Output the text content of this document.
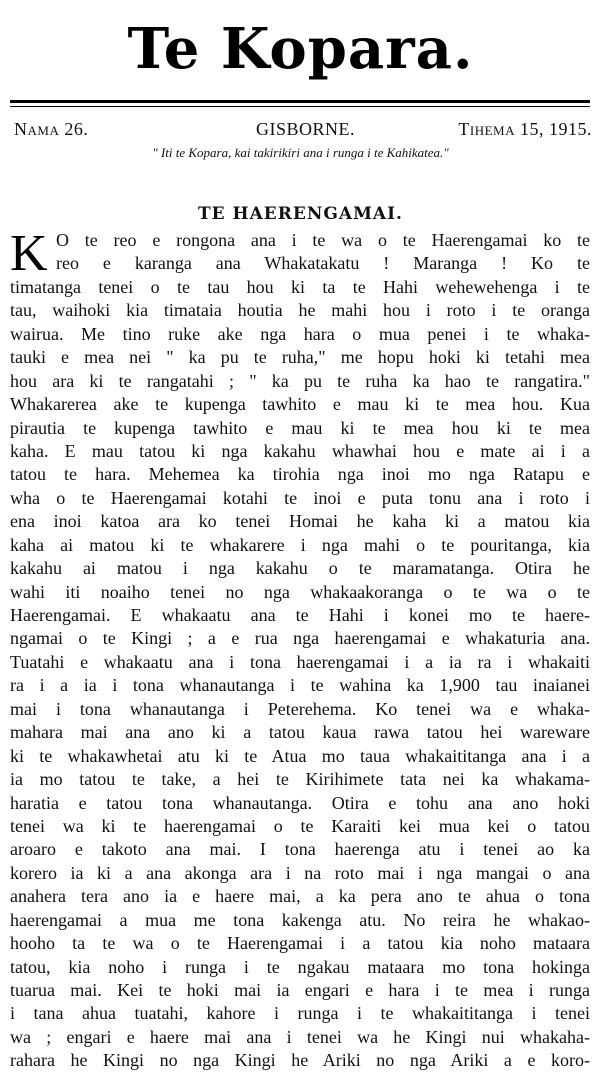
Te Kopara.
Nama 26.	GISBORNE.	Tihema 15, 1915.
" Iti te Kopara, kai takirikiri ana i runga i te Kahikatea."
TE HAERENGAMAI.
K O te reo e rongona ana i te wa o te Haerengamai ko te
reo e karanga ana Whakatakatu ! Maranga ! Ko te
timatanga tenei o te tau hou ki ta te Hahi wehewehenga i te
tau, waihoki kia timataia houtia he mahi hou i roto i te oranga
wairua. Me tino ruke ake nga hara o mua penei i te whaka-
tauki e mea nei " ka pu te ruha," me hopu hoki ki tetahi mea
hou ara ki te rangatahi ; " ka pu te ruha ka hao te rangatira."
Whakarerea ake te kupenga tawhito e mau ki te mea hou. Kua
pirautia te kupenga tawhito e mau ki te mea hou ki te mea
kaha. E mau tatou ki nga kakahu whawhai hou e mate ai i a
tatou te hara. Mehemea ka tirohia nga inoi mo nga Ratapu e
wha o te Haerengamai kotahi te inoi e puta tonu ana i roto i
ena inoi katoa ara ko tenei Homai he kaha ki a matou kia
kaha ai matou ki te whakarere i nga mahi o te pouritanga, kia
kakahu ai matou i nga kakahu o te maramatanga. Otira he
wahi iti noaiho tenei no nga whakaakoranga o te wa o te
Haerengamai. E whakaatu ana te Hahi i konei mo te haere-
ngamai o te Kingi ; a e rua nga haerengamai e whakaturia ana.
Tuatahi e whakaatu ana i tona haerengamai i a ia ra i whakaiti
ra i a ia i tona whanautanga i te wahina ka 1,900 tau inaianei
mai i tona whanautanga i Peterehema. Ko tenei wa e whaka-
mahara mai ana ano ki a tatou kaua rawa tatou hei wareware
ki te whakawhetai atu ki te Atua mo taua whakaititanga ana i a
ia mo tatou te take, a hei te Kirihimete tata nei ka whakama-
haratia e tatou tona whanautanga. Otira e tohu ana ano hoki
tenei wa ki te haerengamai o te Karaiti kei mua kei o tatou
aroaro e takoto ana mai. I tona haerenga atu i tenei ao ka
korero ia ki a ana akonga ara i na roto mai i nga mangai o ana
anahera tera ano ia e haere mai, a ka pera ano te ahua o tona
haerengamai a mua me tona kakenga atu. No reira he whakao-
hooho ta te wa o te Haerengamai i a tatou kia noho mataara
tatou, kia noho i runga i te ngakau mataara mo tona hokinga
tuarua mai. Kei te hoki mai ia engari e hara i te mea i runga
i tana ahua tuatahi, kahore i runga i te whakaititanga i tenei
wa ; engari e haere mai ana i tenei wa he Kingi nui whakaha-
rahara he Kingi no nga Kingi he Ariki no nga Ariki a e koro-
